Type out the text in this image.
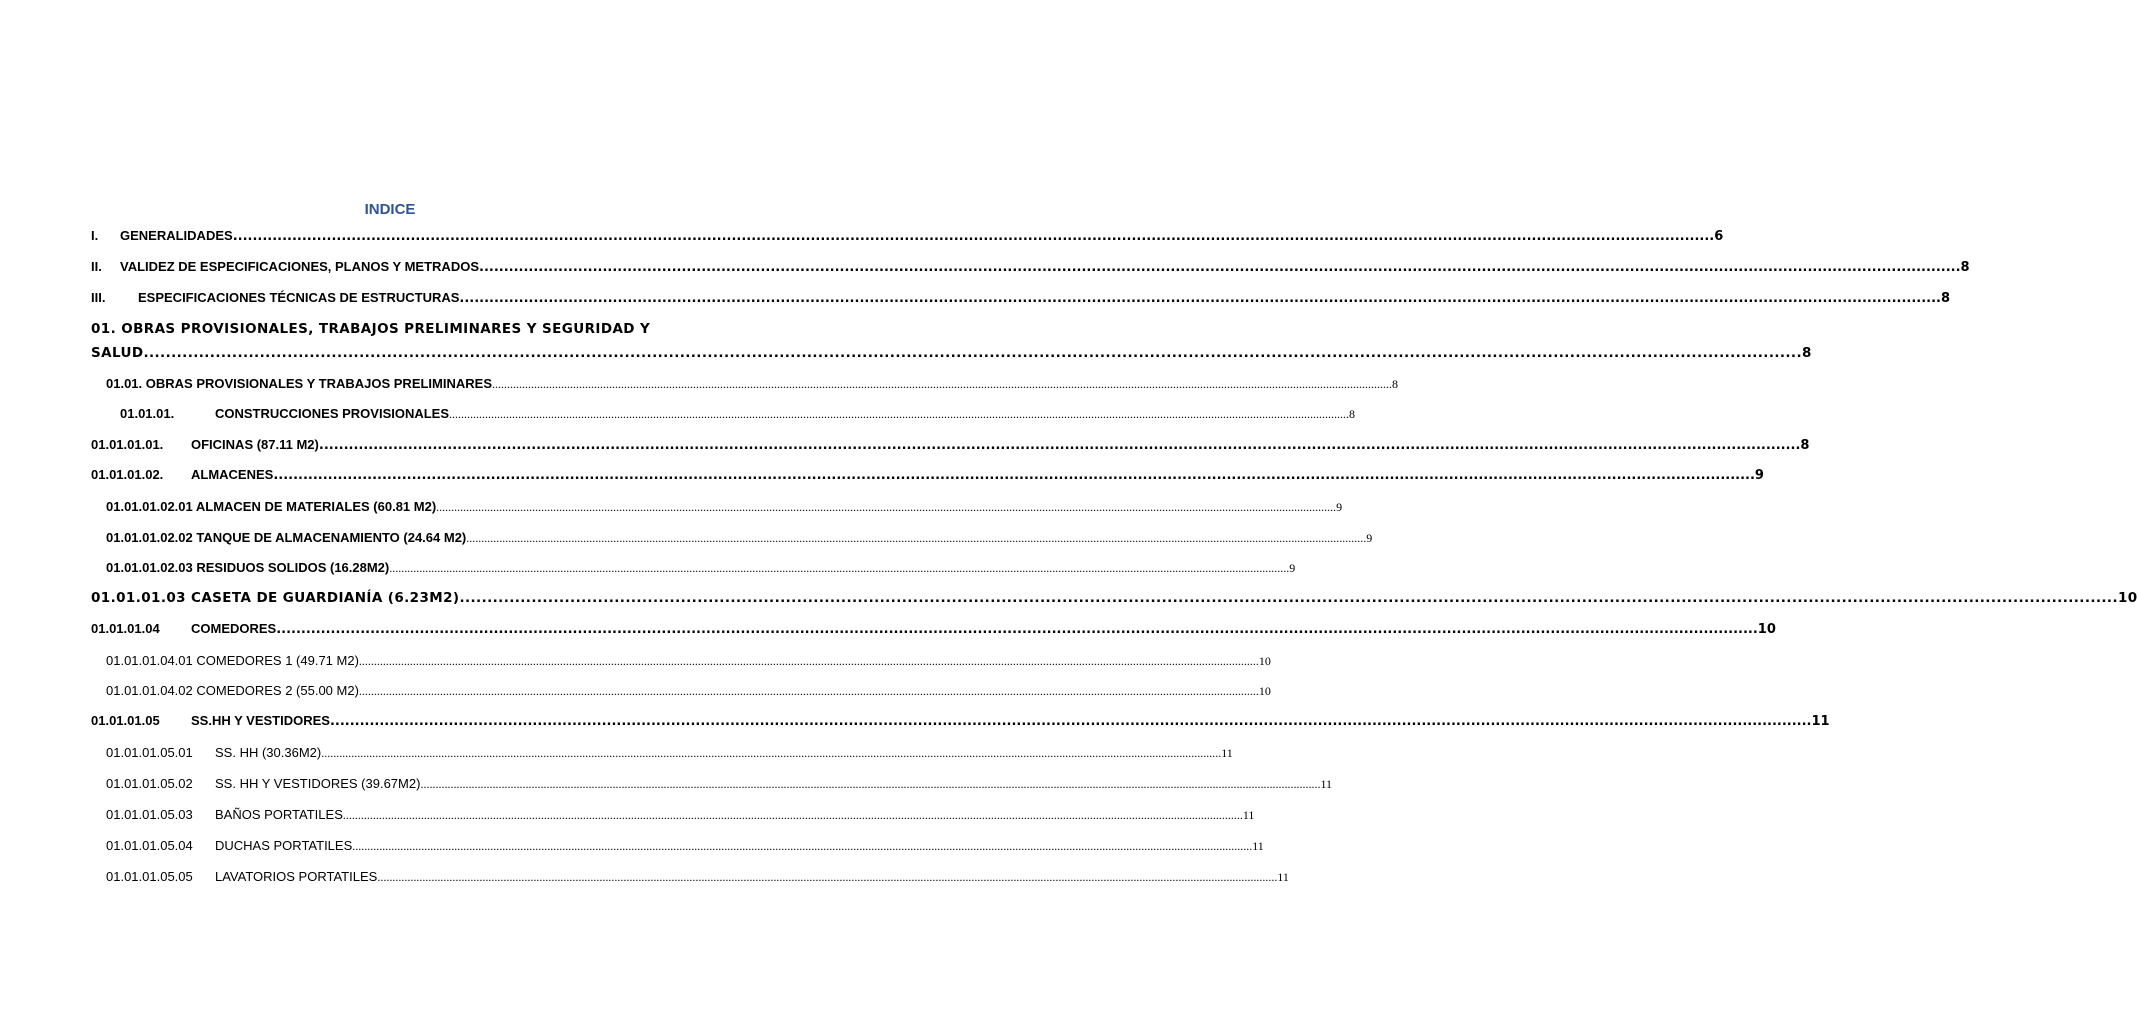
INDICE
I.	GENERALIDADES ............................................................................................................................................................................................................................................................................................................ 6
II.	VALIDEZ DE ESPECIFICACIONES, PLANOS Y METRADOS ............................................................................................................................................................................................................................................................................................................ 8
III.	ESPECIFICACIONES TÉCNICAS DE ESTRUCTURAS ............................................................................................................................................................................................................................................................................................................ 8
01. OBRAS PROVISIONALES, TRABAJOS PRELIMINARES Y SEGURIDAD Y
SALUD ............................................................................................................................................................................................................................................................................................................ 8
01.01. OBRAS PROVISIONALES Y TRABAJOS PRELIMINARES ............................................................................................................................................................................................................................................................................................................ 8
01.01.01.	CONSTRUCCIONES PROVISIONALES ............................................................................................................................................................................................................................................................................................................ 8
01.01.01.01.	OFICINAS (87.11 M2) ............................................................................................................................................................................................................................................................................................................ 8
01.01.01.02.	ALMACENES ............................................................................................................................................................................................................................................................................................................ 9
01.01.01.02.01 ALMACEN DE MATERIALES (60.81 M2) ............................................................................................................................................................................................................................................................................................................ 9
01.01.01.02.02 TANQUE DE ALMACENAMIENTO (24.64 M2) ............................................................................................................................................................................................................................................................................................................ 9
01.01.01.02.03 RESIDUOS SOLIDOS (16.28M2) ............................................................................................................................................................................................................................................................................................................ 9
01.01.01.03 CASETA DE GUARDIANÍA (6.23M2) ............................................................................................................................................................................................................................................................................................................ 10
01.01.01.04	COMEDORES ............................................................................................................................................................................................................................................................................................................ 10
01.01.01.04.01 COMEDORES 1 (49.71 M2) ............................................................................................................................................................................................................................................................................................................ 10
01.01.01.04.02 COMEDORES 2 (55.00 M2) ............................................................................................................................................................................................................................................................................................................ 10
01.01.01.05	SS.HH Y VESTIDORES ............................................................................................................................................................................................................................................................................................................ 11
01.01.01.05.01	SS. HH (30.36M2) ............................................................................................................................................................................................................................................................................................................ 11
01.01.01.05.02	SS. HH Y VESTIDORES (39.67M2) ............................................................................................................................................................................................................................................................................................................ 11
01.01.01.05.03	BAÑOS PORTATILES ............................................................................................................................................................................................................................................................................................................ 11
01.01.01.05.04	DUCHAS PORTATILES ............................................................................................................................................................................................................................................................................................................ 11
01.01.01.05.05	LAVATORIOS PORTATILES ............................................................................................................................................................................................................................................................................................................ 11
